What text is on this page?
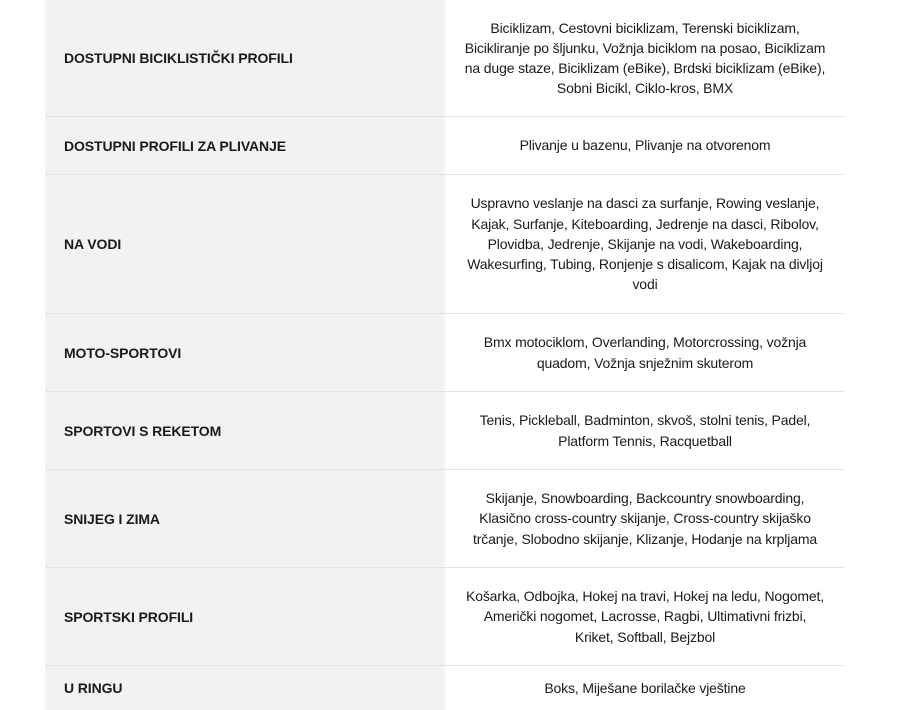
DOSTUPNI BICIKLISTIČKI PROFILI
Biciklizam, Cestovni biciklizam, Terenski biciklizam, Bicikliranje po šljunku, Vožnja biciklom na posao, Biciklizam na duge staze, Biciklizam (eBike), Brdski biciklizam (eBike), Sobni Bicikl, Ciklo-kros, BMX
DOSTUPNI PROFILI ZA PLIVANJE	Plivanje u bazenu, Plivanje na otvorenom
NA VODI
Uspravno veslanje na dasci za surfanje, Rowing veslanje, Kajak, Surfanje, Kiteboarding, Jedrenje na dasci, Ribolov, Plovidba, Jedrenje, Skijanje na vodi, Wakeboarding, Wakesurfing, Tubing, Ronjenje s disalicom, Kajak na divljoj vodi
MOTO-SPORTOVI
Bmx motociklom, Overlanding, Motorcrossing, vožnja quadom, Vožnja snježnim skuterom
SPORTOVI S REKETOM
Tenis, Pickleball, Badminton, skvoš, stolni tenis, Padel, Platform Tennis, Racquetball
SNIJEG I ZIMA
Skijanje, Snowboarding, Backcountry snowboarding, Klasično cross-country skijanje, Cross-country skijaško trčanje, Slobodno skijanje, Klizanje, Hodanje na krpljama
SPORTSKI PROFILI
Košarka, Odbojka, Hokej na travi, Hokej na ledu, Nogomet, Američki nogomet, Lacrosse, Ragbi, Ultimativni frizbi, Kriket, Softball, Bejzbol
U RINGU	Boks, Miješane borilačke vještine
